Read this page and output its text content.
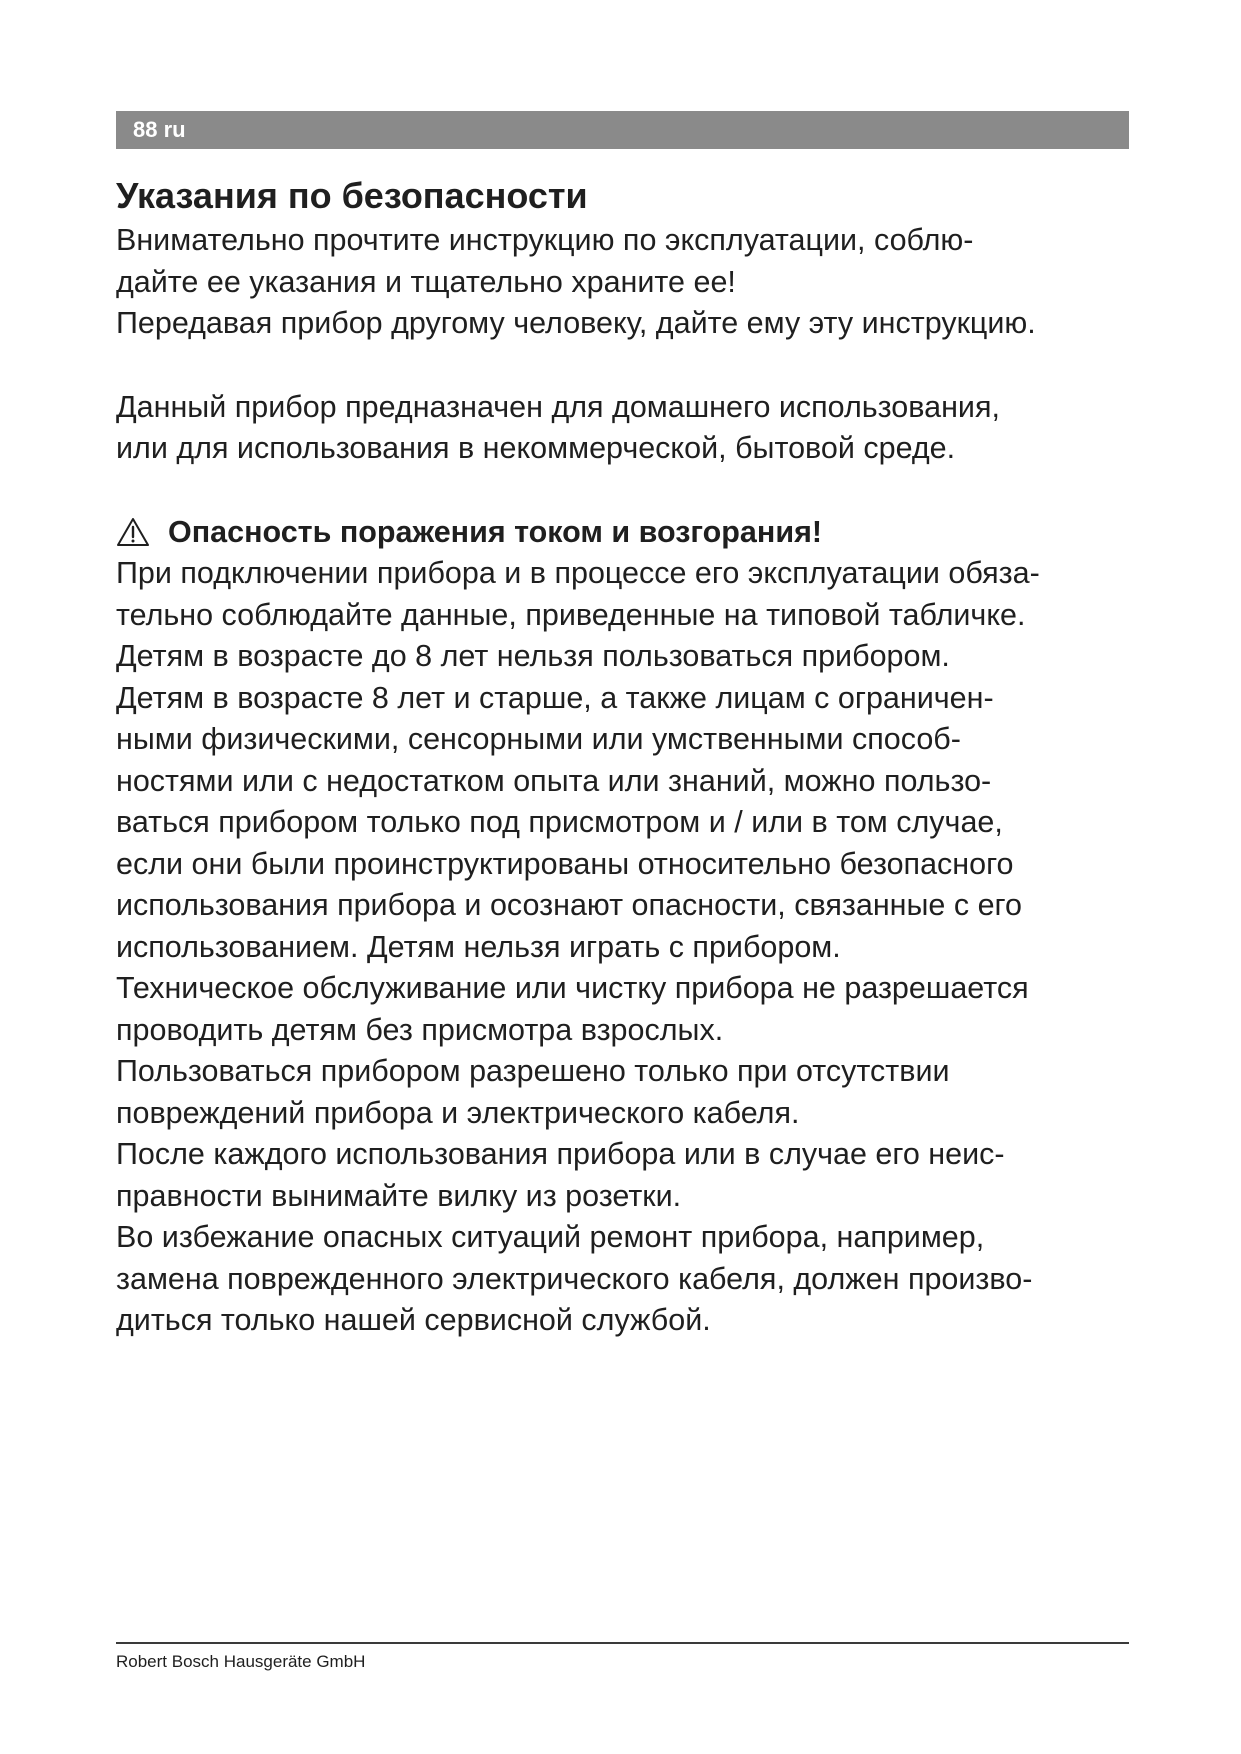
88 ru
Указания по безопасности

Внимательно прочтите инструкцию по эксплуатации, соблю-
дайте ее указания и тщательно храните ее!
Передавая прибор другому человеку, дайте ему эту инструкцию.

Данный прибор предназначен для домашнего использования,
или для использования в некоммерческой, бытовой среде.

Опасность поражения током и возгорания!

При подключении прибора и в процессе его эксплуатации обяза-
тельно соблюдайте данные, приведенные на типовой табличке.
Детям в возрасте до 8 лет нельзя пользоваться прибором.
Детям в возрасте 8 лет и старше, а также лицам с ограничен-
ными физическими, сенсорными или умственными способ-
ностями или с недостатком опыта или знаний, можно пользо-
ваться прибором только под присмотром и / или в том случае,
если они были проинструктированы относительно безопасного
использования прибора и осознают опасности, связанные с его
использованием. Детям нельзя играть с прибором.
Техническое обслуживание или чистку прибора не разрешается
проводить детям без присмотра взрослых.
Пользоваться прибором разрешено только при отсутствии
повреждений прибора и электрического кабеля.
После каждого использования прибора или в случае его неис-
правности вынимайте вилку из розетки.
Во избежание опасных ситуаций ремонт прибора, например,
замена поврежденного электрического кабеля, должен произво-
диться только нашей сервисной службой.

Robert Bosch Hausgeräte GmbH
